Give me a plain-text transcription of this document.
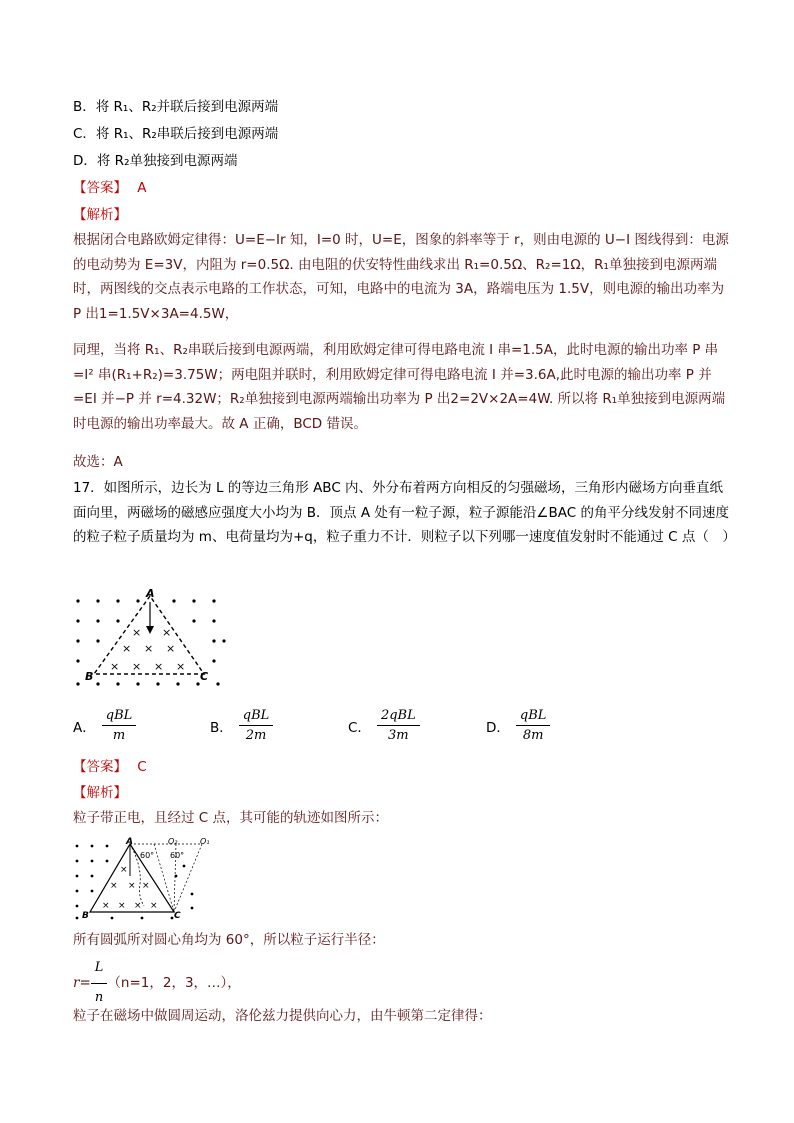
B．将 R₁、R₂并联后接到电源两端
C．将 R₁、R₂串联后接到电源两端
D．将 R₂单独接到电源两端
【答案】 A
【解析】
根据闭合电路欧姆定律得：U=E−Ir 知，I=0 时，U=E，图象的斜率等于 r，则由电源的 U−I 图线得到：电源的电动势为 E=3V，内阻为 r=0.5Ω. 由电阻的伏安特性曲线求出 R₁=0.5Ω、R₂=1Ω，R₁单独接到电源两端时，两图线的交点表示电路的工作状态，可知，电路中的电流为 3A，路端电压为 1.5V，则电源的输出功率为 P 出1=1.5V×3A=4.5W，
同理，当将 R₁、R₂串联后接到电源两端，利用欧姆定律可得电路电流 I 串=1.5A，此时电源的输出功率 P 串=I² 串(R₁+R₂)=3.75W；两电阻并联时，利用欧姆定律可得电路电流 I 并=3.6A,此时电源的输出功率 P 并=EI 并−P 并 r=4.32W；R₂单独接到电源两端输出功率为 P 出2=2V×2A=4W. 所以将 R₁单独接到电源两端时电源的输出功率最大。故 A 正确，BCD 错误。
故选：A
17．如图所示，边长为 L 的等边三角形 ABC 内、外分布着两方向相反的匀强磁场，三角形内磁场方向垂直纸面向里，两磁场的磁感应强度大小均为 B．顶点 A 处有一粒子源，粒子源能沿∠BAC 的角平分线发射不同速度的粒子粒子质量均为 m、电荷量均为+q，粒子重力不计．则粒子以下列哪一速度值发射时不能通过 C 点（　）
× ×
× × ×
× × × ×
A
B	C
A． $\frac{\text{qBL}}{m}$	B． $\frac{\text{qBL}}{2m}$	C． $\frac{\text{2qBL}}{3m}$	D． $\frac{\text{qBL}}{8m}$
【答案】 C
【解析】
粒子带正电，且经过 C 点，其可能的轨迹如图所示：
×
× × ×
× × × ×
A
B	C
O₂	O₁
60° 60°
所有圆弧所对圆心角均为 60°，所以粒子运行半径：
$r= \frac{L}{n} (n=1$，2，3，…），
粒子在磁场中做圆周运动，洛伦兹力提供向心力，由牛顿第二定律得：
